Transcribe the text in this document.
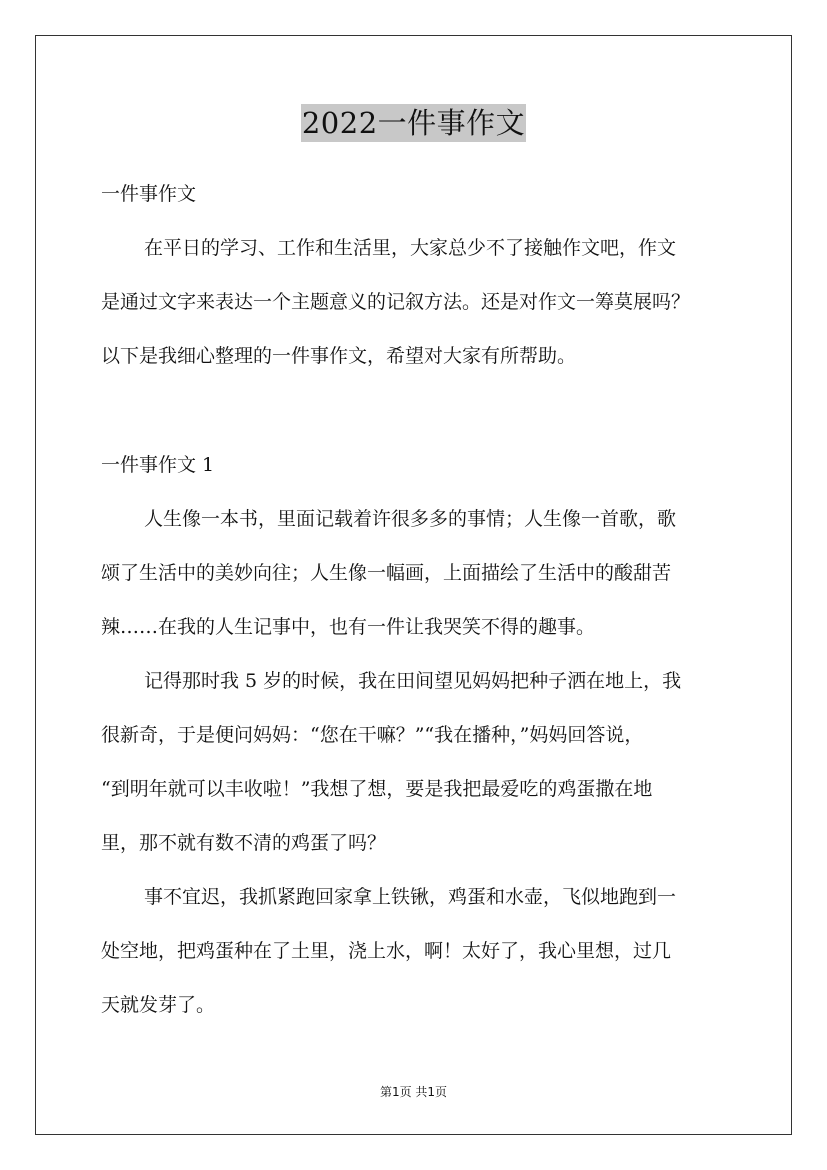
2022一件事作文
一件事作文
在平日的学习、工作和生活里，大家总少不了接触作文吧，作文
是通过文字来表达一个主题意义的记叙方法。还是对作文一筹莫展吗？
以下是我细心整理的一件事作文，希望对大家有所帮助。
一件事作文 1
人生像一本书，里面记载着许很多多的事情；人生像一首歌，歌
颂了生活中的美妙向往；人生像一幅画，上面描绘了生活中的酸甜苦
辣……在我的人生记事中，也有一件让我哭笑不得的趣事。
记得那时我 5 岁的时候，我在田间望见妈妈把种子洒在地上，我
很新奇，于是便问妈妈：“您在干嘛？”“我在播种，”妈妈回答说，
“到明年就可以丰收啦！”我想了想，要是我把最爱吃的鸡蛋撒在地
里，那不就有数不清的鸡蛋了吗？
事不宜迟，我抓紧跑回家拿上铁锹，鸡蛋和水壶，飞似地跑到一
处空地，把鸡蛋种在了土里，浇上水，啊！太好了，我心里想，过几
天就发芽了。
第1页 共1页
